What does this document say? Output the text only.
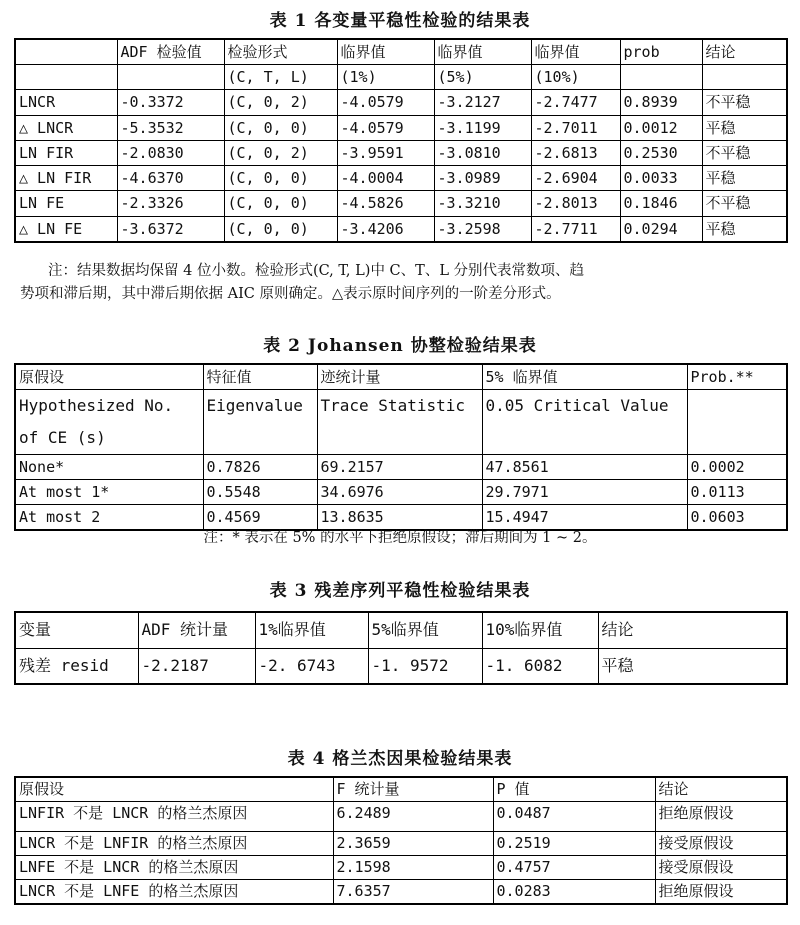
表 1 各变量平稳性检验的结果表
	ADF 检验值	检验形式	临界值	临界值	临界值	prob	结论
		(C, T, L)	(1%)	(5%)	(10%)		
LNCR	-0.3372	(C, 0, 2)	-4.0579	-3.2127	-2.7477	0.8939	不平稳
△ LNCR	-5.3532	(C, 0, 0)	-4.0579	-3.1199	-2.7011	0.0012	平稳
LN FIR	-2.0830	(C, 0, 2)	-3.9591	-3.0810	-2.6813	0.2530	不平稳
△ LN FIR	-4.6370	(C, 0, 0)	-4.0004	-3.0989	-2.6904	0.0033	平稳
LN FE	-2.3326	(C, 0, 0)	-4.5826	-3.3210	-2.8013	0.1846	不平稳
△ LN FE	-3.6372	(C, 0, 0)	-3.4206	-3.2598	-2.7711	0.0294	平稳
注：结果数据均保留 4 位小数。检验形式(C, T, L)中 C、T、L 分别代表常数项、趋

势项和滞后期，其中滞后期依据 AIC 原则确定。△表示原时间序列的一阶差分形式。
表 2 Johansen 协整检验结果表
原假设	特征值	迹统计量	5% 临界值	Prob.**
Hypothesized No.
of CE (s)	Eigenvalue	Trace Statistic	0.05 Critical Value	

None*	0.7826	69.2157	47.8561	0.0002
At most 1*	0.5548	34.6976	29.7971	0.0113
At most 2	0.4569	13.8635	15.4947	0.0603
注：* 表示在 5% 的水平下拒绝原假设；滞后期间为 1 ~ 2。
表 3 残差序列平稳性检验结果表
变量	ADF 统计量	1%临界值	5%临界值	10%临界值	结论
残差 resid	-2.2187	-2. 6743	-1. 9572	-1. 6082	平稳
表 4 格兰杰因果检验结果表
原假设	F 统计量	P 值	结论
LNFIR 不是 LNCR 的格兰杰原因	6.2489	0.0487	拒绝原假设
LNCR 不是 LNFIR 的格兰杰原因	2.3659	0.2519	接受原假设
LNFE 不是 LNCR 的格兰杰原因	2.1598	0.4757	接受原假设
LNCR 不是 LNFE 的格兰杰原因	7.6357	0.0283	拒绝原假设
